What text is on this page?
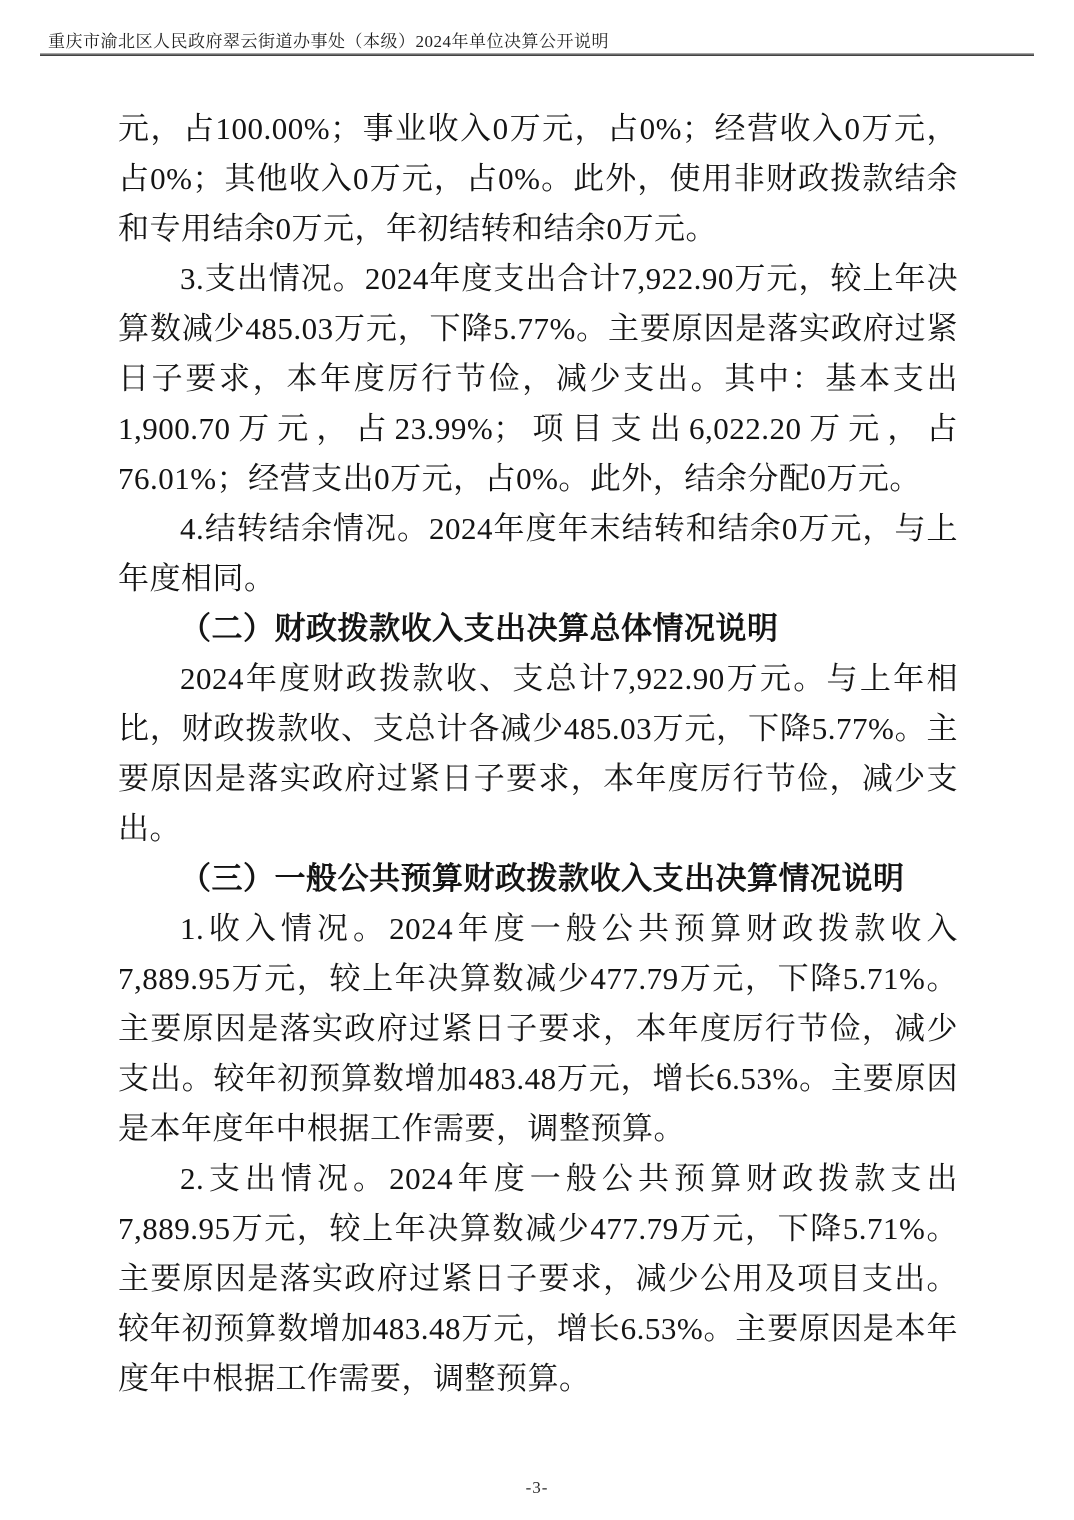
重庆市渝北区人民政府翠云街道办事处（本级）2024年单位决算公开说明

元，占100.00%；事业收入0万元，占0%；经营收入0万元，占0%；其他收入0万元，占0%。此外，使用非财政拨款结余和专用结余0万元，年初结转和结余0万元。

3.支出情况。2024年度支出合计7,922.90万元，较上年决算数减少485.03万元，下降5.77%。主要原因是落实政府过紧日子要求，本年度厉行节俭，减少支出。其中：基本支出1,900.70万元，占23.99%；项目支出6,022.20万元，占76.01%；经营支出0万元，占0%。此外，结余分配0万元。

4.结转结余情况。2024年度年末结转和结余0万元，与上年度相同。

（二）财政拨款收入支出决算总体情况说明

2024年度财政拨款收、支总计7,922.90万元。与上年相比，财政拨款收、支总计各减少485.03万元，下降5.77%。主要原因是落实政府过紧日子要求，本年度厉行节俭，减少支出。

（三）一般公共预算财政拨款收入支出决算情况说明

1.收入情况。2024年度一般公共预算财政拨款收入7,889.95万元，较上年决算数减少477.79万元，下降5.71%。主要原因是落实政府过紧日子要求，本年度厉行节俭，减少支出。较年初预算数增加483.48万元，增长6.53%。主要原因是本年度年中根据工作需要，调整预算。

2.支出情况。2024年度一般公共预算财政拨款支出7,889.95万元，较上年决算数减少477.79万元，下降5.71%。主要原因是落实政府过紧日子要求，减少公用及项目支出。较年初预算数增加483.48万元，增长6.53%。主要原因是本年度年中根据工作需要，调整预算。

-3-
